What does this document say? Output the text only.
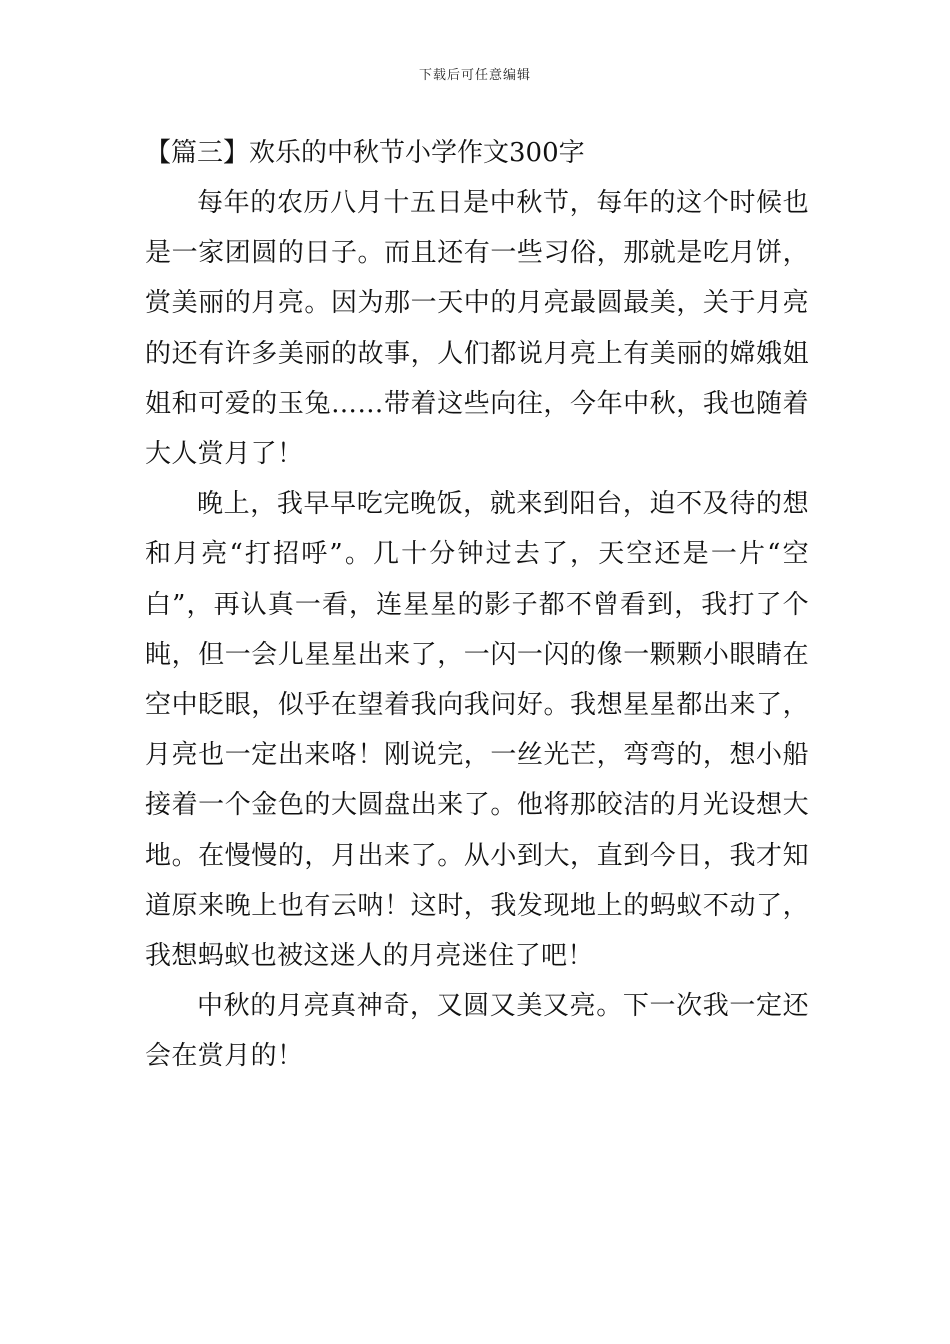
下载后可任意编辑
【篇三】欢乐的中秋节小学作文300字

每年的农历八月十五日是中秋节，每年的这个时候也是一家团圆的日子。而且还有一些习俗，那就是吃月饼，赏美丽的月亮。因为那一天中的月亮最圆最美，关于月亮的还有许多美丽的故事，人们都说月亮上有美丽的嫦娥姐姐和可爱的玉兔……带着这些向往，今年中秋，我也随着大人赏月了！

晚上，我早早吃完晚饭，就来到阳台，迫不及待的想和月亮“打招呼”。几十分钟过去了，天空还是一片“空白”，再认真一看，连星星的影子都不曾看到，我打了个盹，但一会儿星星出来了，一闪一闪的像一颗颗小眼睛在空中眨眼，似乎在望着我向我问好。我想星星都出来了，月亮也一定出来咯！刚说完，一丝光芒，弯弯的，想小船接着一个金色的大圆盘出来了。他将那皎洁的月光设想大地。在慢慢的，月出来了。从小到大，直到今日，我才知道原来晚上也有云呐！这时，我发现地上的蚂蚁不动了，我想蚂蚁也被这迷人的月亮迷住了吧！

中秋的月亮真神奇，又圆又美又亮。下一次我一定还会在赏月的！
